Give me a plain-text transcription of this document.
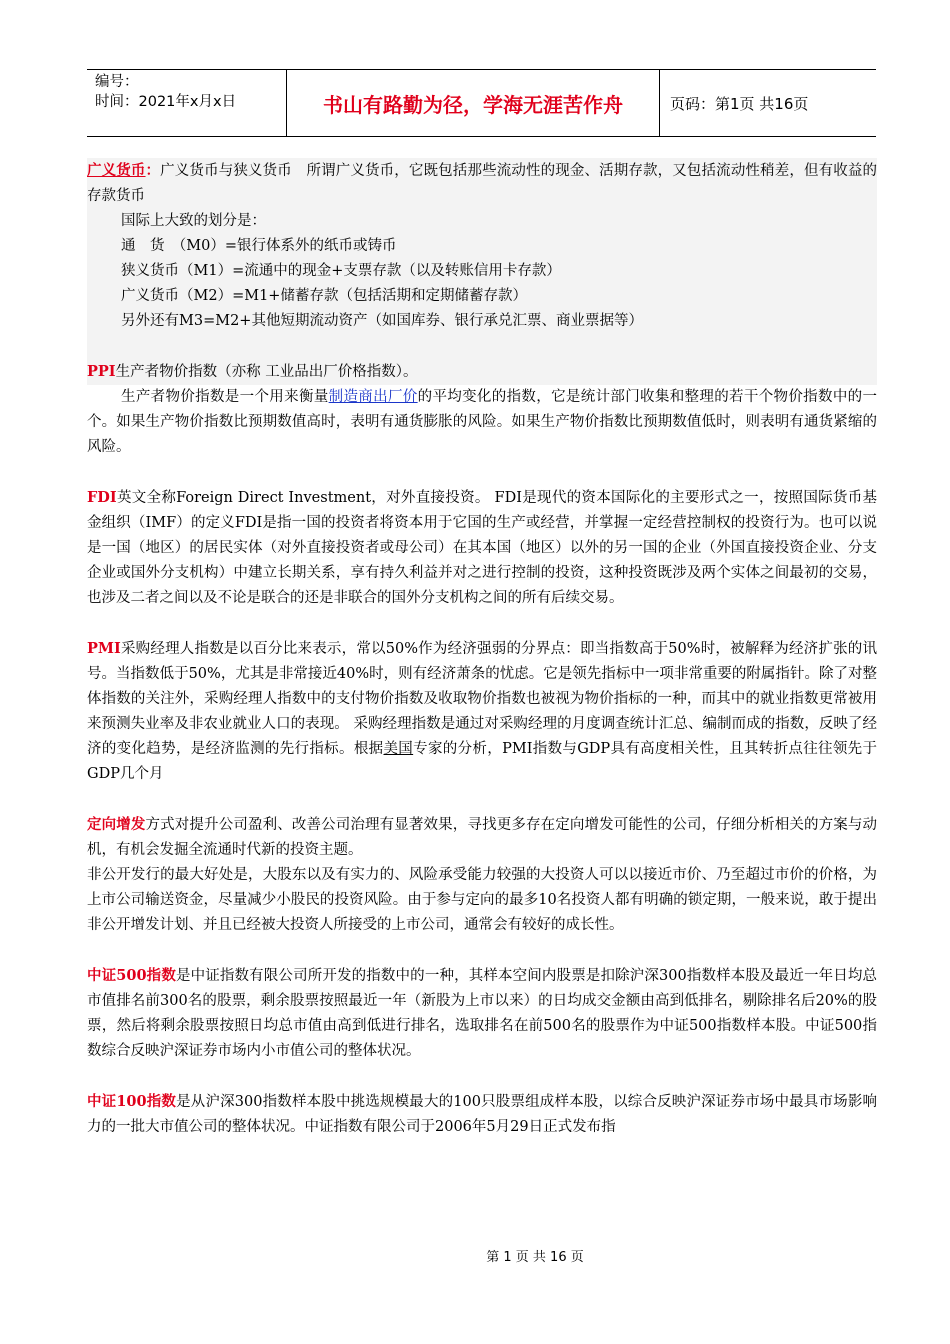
编号：
时间：2021年x月x日	书山有路勤为径，学海无涯苦作舟	页码：第1页 共16页

广义货币：广义货币与狭义货币　所谓广义货币，它既包括那些流动性的现金、活期存款，又包括流动性稍差，但有收益的存款货币

国际上大致的划分是：

通　货　（M0）=银行体系外的纸币或铸币

狭义货币（M1）=流通中的现金+支票存款（以及转账信用卡存款）

广义货币（M2）=M1+储蓄存款（包括活期和定期储蓄存款）

另外还有M3=M2+其他短期流动资产（如国库券、银行承兑汇票、商业票据等）

PPI生产者物价指数（亦称 工业品出厂价格指数）。

生产者物价指数是一个用来衡量制造商出厂价的平均变化的指数，它是统计部门收集和整理的若干个物价指数中的一个。如果生产物价指数比预期数值高时，表明有通货膨胀的风险。如果生产物价指数比预期数值低时，则表明有通货紧缩的风险。

FDI英文全称Foreign Direct Investment，对外直接投资。 FDI是现代的资本国际化的主要形式之一，按照国际货币基金组织（IMF）的定义FDI是指一国的投资者将资本用于它国的生产或经营，并掌握一定经营控制权的投资行为。也可以说是一国（地区）的居民实体（对外直接投资者或母公司）在其本国（地区）以外的另一国的企业（外国直接投资企业、分支企业或国外分支机构）中建立长期关系，享有持久利益并对之进行控制的投资，这种投资既涉及两个实体之间最初的交易，也涉及二者之间以及不论是联合的还是非联合的国外分支机构之间的所有后续交易。

PMI采购经理人指数是以百分比来表示，常以50%作为经济强弱的分界点：即当指数高于50%时，被解释为经济扩张的讯号。当指数低于50%，尤其是非常接近40%时，则有经济萧条的忧虑。它是领先指标中一项非常重要的附属指针。除了对整体指数的关注外，采购经理人指数中的支付物价指数及收取物价指数也被视为物价指标的一种，而其中的就业指数更常被用来预测失业率及非农业就业人口的表现。 采购经理指数是通过对采购经理的月度调查统计汇总、编制而成的指数，反映了经济的变化趋势，是经济监测的先行指标。根据美国专家的分析，PMI指数与GDP具有高度相关性，且其转折点往往领先于GDP几个月

定向增发方式对提升公司盈利、改善公司治理有显著效果，寻找更多存在定向增发可能性的公司，仔细分析相关的方案与动机，有机会发掘全流通时代新的投资主题。

非公开发行的最大好处是，大股东以及有实力的、风险承受能力较强的大投资人可以以接近市价、乃至超过市价的价格，为上市公司输送资金，尽量减少小股民的投资风险。由于参与定向的最多10名投资人都有明确的锁定期，一般来说，敢于提出非公开增发计划、并且已经被大投资人所接受的上市公司，通常会有较好的成长性。

中证500指数是中证指数有限公司所开发的指数中的一种，其样本空间内股票是扣除沪深300指数样本股及最近一年日均总市值排名前300名的股票，剩余股票按照最近一年（新股为上市以来）的日均成交金额由高到低排名，剔除排名后20%的股票，然后将剩余股票按照日均总市值由高到低进行排名，选取排名在前500名的股票作为中证500指数样本股。中证500指数综合反映沪深证券市场内小市值公司的整体状况。

中证100指数是从沪深300指数样本股中挑选规模最大的100只股票组成样本股，以综合反映沪深证券市场中最具市场影响力的一批大市值公司的整体状况。中证指数有限公司于2006年5月29日正式发布指

第 1 页 共 16 页
